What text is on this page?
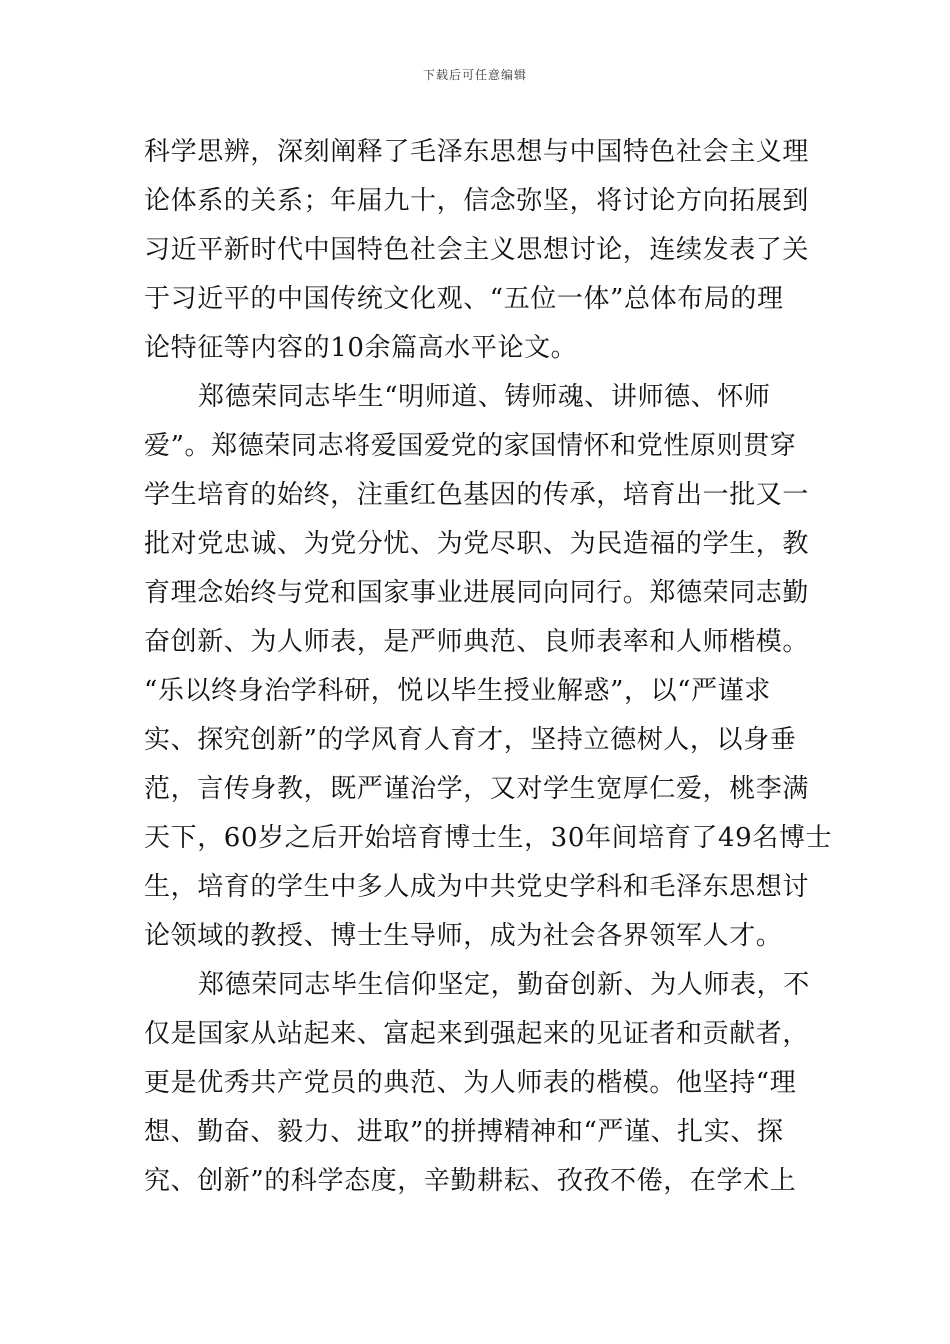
下载后可任意编辑
科学思辨，深刻阐释了毛泽东思想与中国特色社会主义理
论体系的关系；年届九十，信念弥坚，将讨论方向拓展到
习近平新时代中国特色社会主义思想讨论，连续发表了关
于习近平的中国传统文化观、“五位一体”总体布局的理
论特征等内容的10余篇高水平论文。
郑德荣同志毕生“明师道、铸师魂、讲师德、怀师
爱”。郑德荣同志将爱国爱党的家国情怀和党性原则贯穿
学生培育的始终，注重红色基因的传承，培育出一批又一
批对党忠诚、为党分忧、为党尽职、为民造福的学生，教
育理念始终与党和国家事业进展同向同行。郑德荣同志勤
奋创新、为人师表，是严师典范、良师表率和人师楷模。
“乐以终身治学科研，悦以毕生授业解惑”，以“严谨求
实、探究创新”的学风育人育才，坚持立德树人，以身垂
范，言传身教，既严谨治学，又对学生宽厚仁爱，桃李满
天下，60岁之后开始培育博士生，30年间培育了49名博士
生，培育的学生中多人成为中共党史学科和毛泽东思想讨
论领域的教授、博士生导师，成为社会各界领军人才。
郑德荣同志毕生信仰坚定，勤奋创新、为人师表，不
仅是国家从站起来、富起来到强起来的见证者和贡献者，
更是优秀共产党员的典范、为人师表的楷模。他坚持“理
想、勤奋、毅力、进取”的拼搏精神和“严谨、扎实、探
究、创新”的科学态度，辛勤耕耘、孜孜不倦，在学术上
